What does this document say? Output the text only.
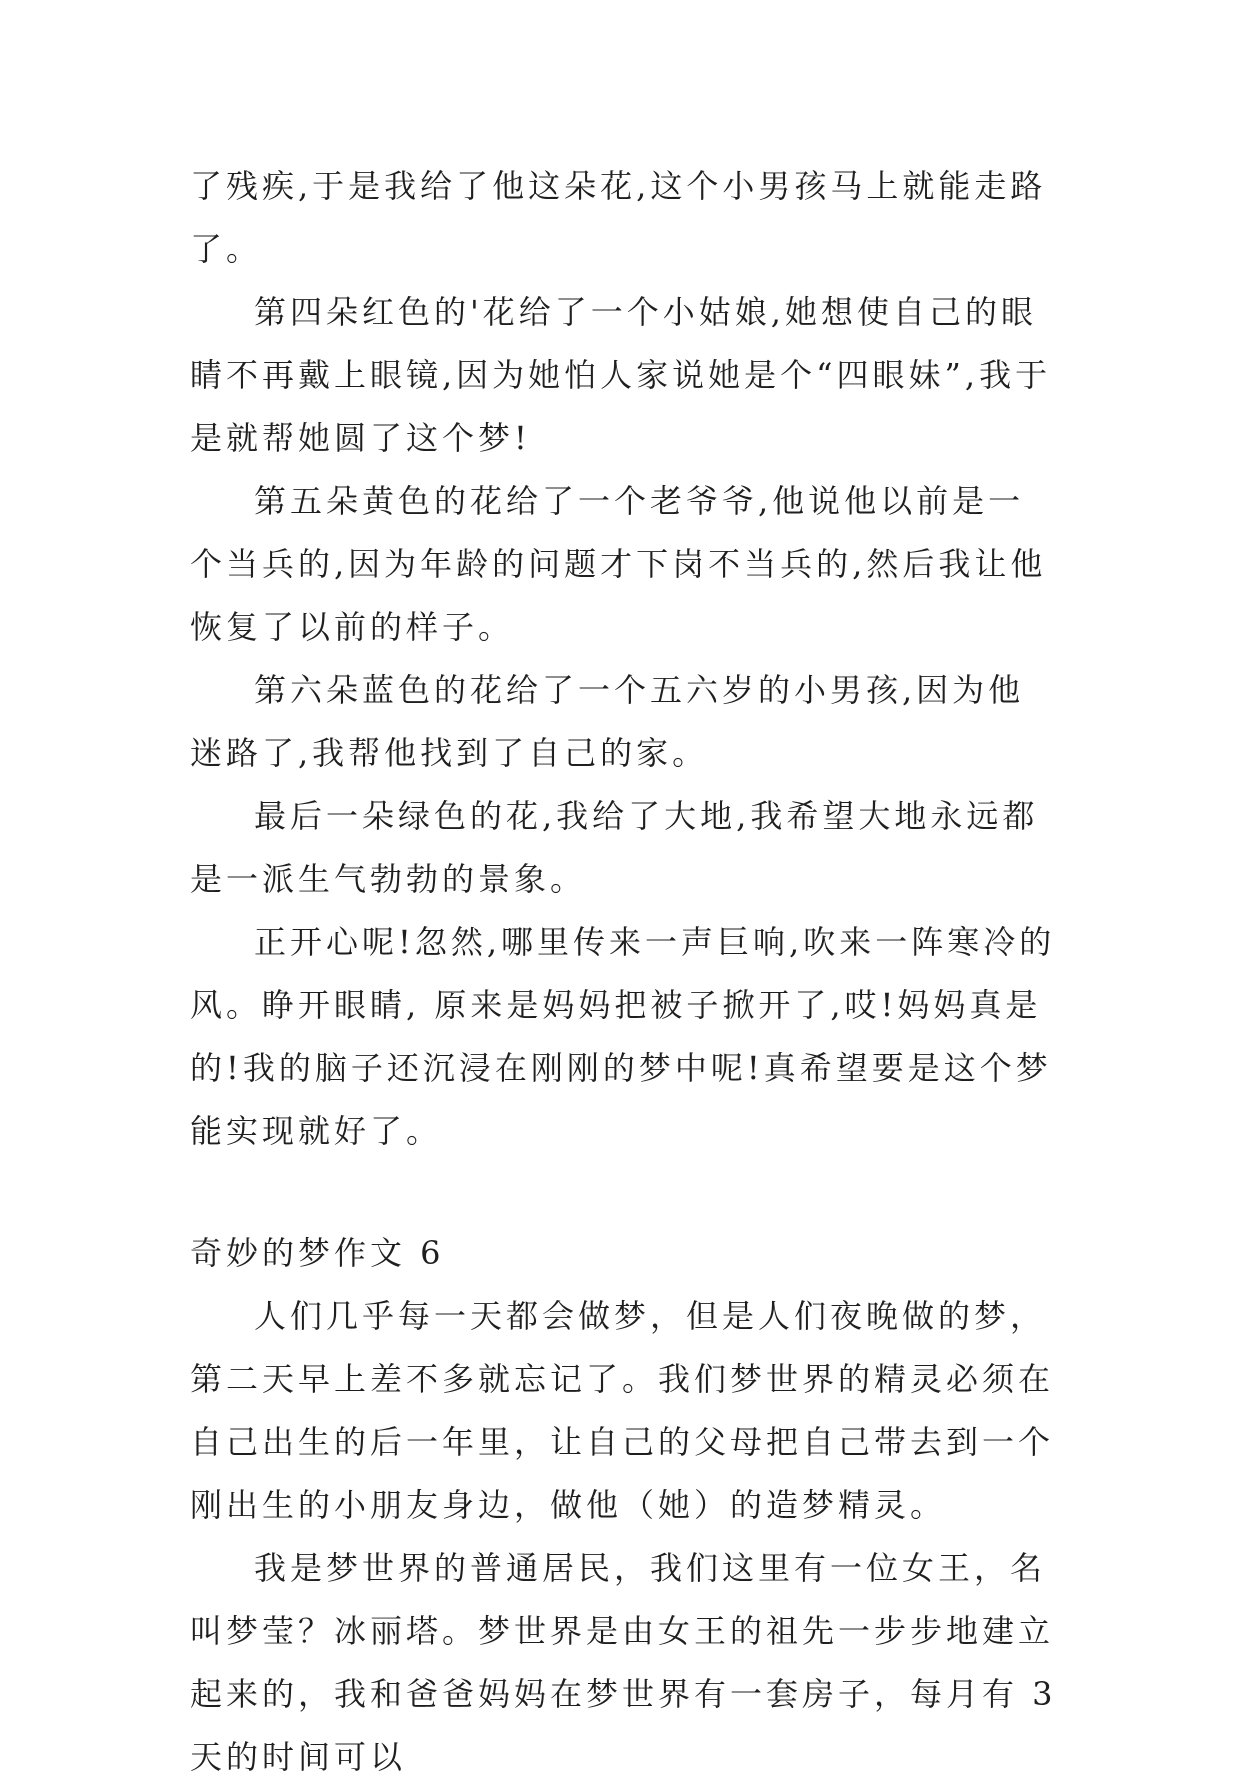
了残疾,于是我给了他这朵花,这个小男孩马上就能走路了。

第四朵红色的'花给了一个小姑娘,她想使自己的眼睛不再戴上眼镜,因为她怕人家说她是个“四眼妹”,我于是就帮她圆了这个梦!

第五朵黄色的花给了一个老爷爷,他说他以前是一个当兵的,因为年龄的问题才下岗不当兵的,然后我让他恢复了以前的样子。

第六朵蓝色的花给了一个五六岁的小男孩,因为他迷路了,我帮他找到了自己的家。

最后一朵绿色的花,我给了大地,我希望大地永远都是一派生气勃勃的景象。

正开心呢!忽然,哪里传来一声巨响,吹来一阵寒冷的风。睁开眼睛, 原来是妈妈把被子掀开了,哎!妈妈真是的!我的脑子还沉浸在刚刚的梦中呢!真希望要是这个梦能实现就好了。

奇妙的梦作文 6

人们几乎每一天都会做梦，但是人们夜晚做的梦，第二天早上差不多就忘记了。我们梦世界的精灵必须在自己出生的后一年里，让自己的父母把自己带去到一个刚出生的小朋友身边，做他（她）的造梦精灵。

我是梦世界的普通居民，我们这里有一位女王，名叫梦莹？冰丽塔。梦世界是由女王的祖先一步步地建立起来的，我和爸爸妈妈在梦世界有一套房子，每月有 3 天的时间可以
